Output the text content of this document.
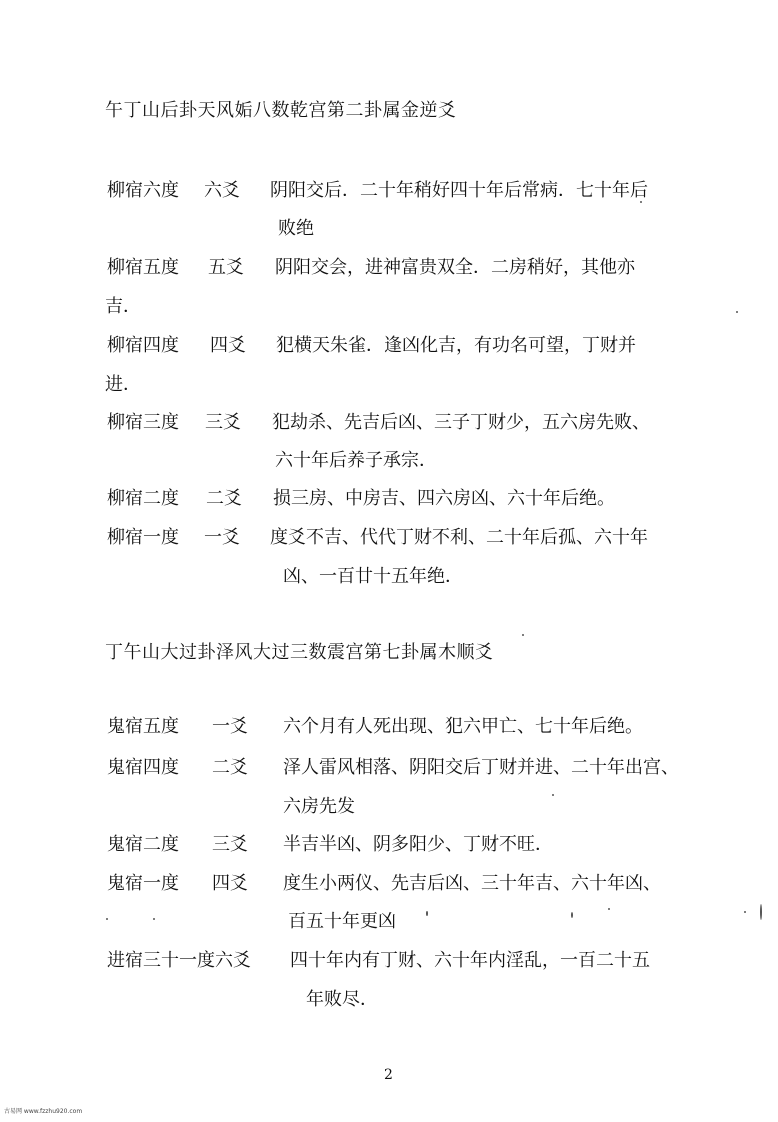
午丁山后卦天风姤八数乾宫第二卦属金逆爻
柳宿六度 六爻 阴阳交后．二十年稍好四十年后常病．七十年后
败绝
柳宿五度 五爻 阴阳交会，进神富贵双全．二房稍好，其他亦
吉．
柳宿四度 四爻 犯横天朱雀．逢凶化吉，有功名可望，丁财并
进．
柳宿三度 三爻 犯劫杀、先吉后凶、三子丁财少，五六房先败、
六十年后养子承宗．
柳宿二度 二爻 损三房、中房吉、四六房凶、六十年后绝。
柳宿一度 一爻 度爻不吉、代代丁财不利、二十年后孤、六十年
凶、一百廿十五年绝．
丁午山大过卦泽风大过三数震宫第七卦属木顺爻
鬼宿五度 一爻 六个月有人死出现、犯六甲亡、七十年后绝。
鬼宿四度 二爻 泽人雷风相落、阴阳交后丁财并进、二十年出宫、
六房先发
鬼宿二度 三爻 半吉半凶、阴多阳少、丁财不旺．
鬼宿一度 四爻 度生小两仪、先吉后凶、三十年吉、六十年凶、
百五十年更凶
进宿三十一度六爻 四十年内有丁财、六十年内淫乱，一百二十五
年败尽．
2
古易网 www.fzzhu920.com
